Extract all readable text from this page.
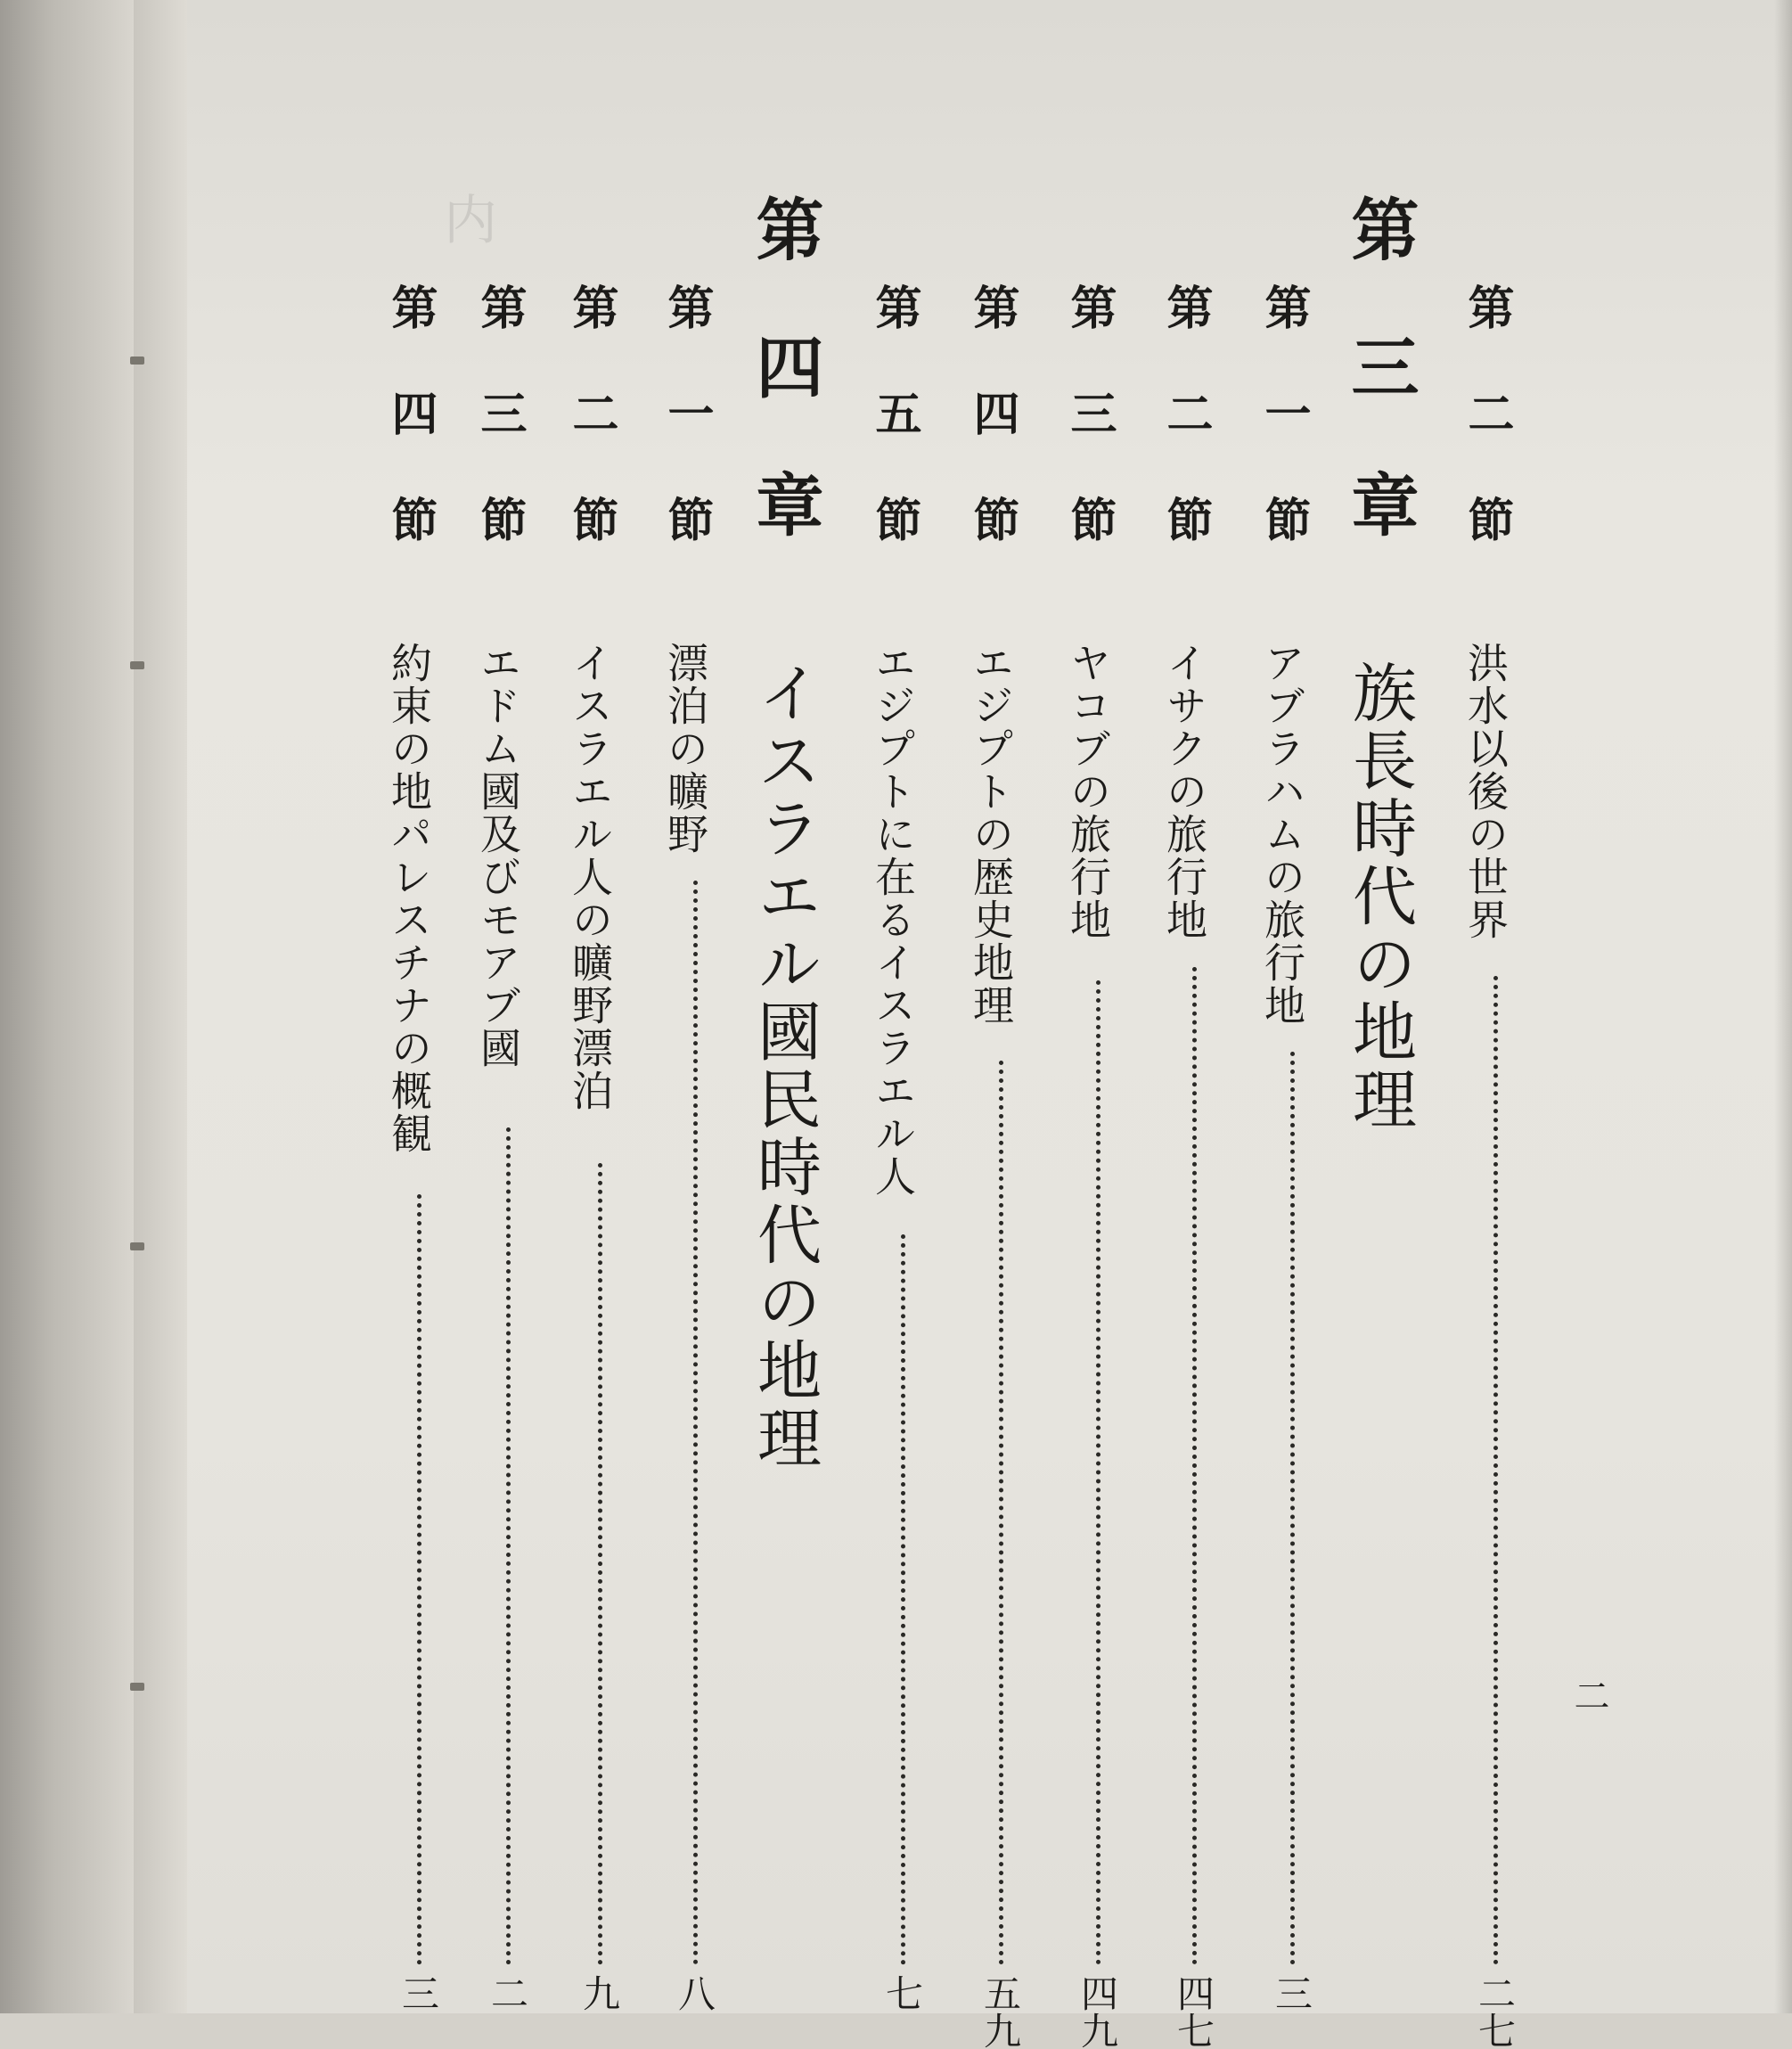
内
第二節
洪水以後の世界
二七
第三章
族長時代の地理
第一節
アブラハムの旅行地
三
第二節
イサクの旅行地
四七
第三節
ヤコブの旅行地
四九
第四節
エジプトの歴史地理
五九
第五節
エジプトに在るイスラエル人
七
第四章
イスラエル國民時代の地理
第一節
漂泊の曠野
八
第二節
イスラエル人の曠野漂泊
九
第三節
エドム國及びモアブ國
二
第四節
約束の地パレスチナの概観
三
二
